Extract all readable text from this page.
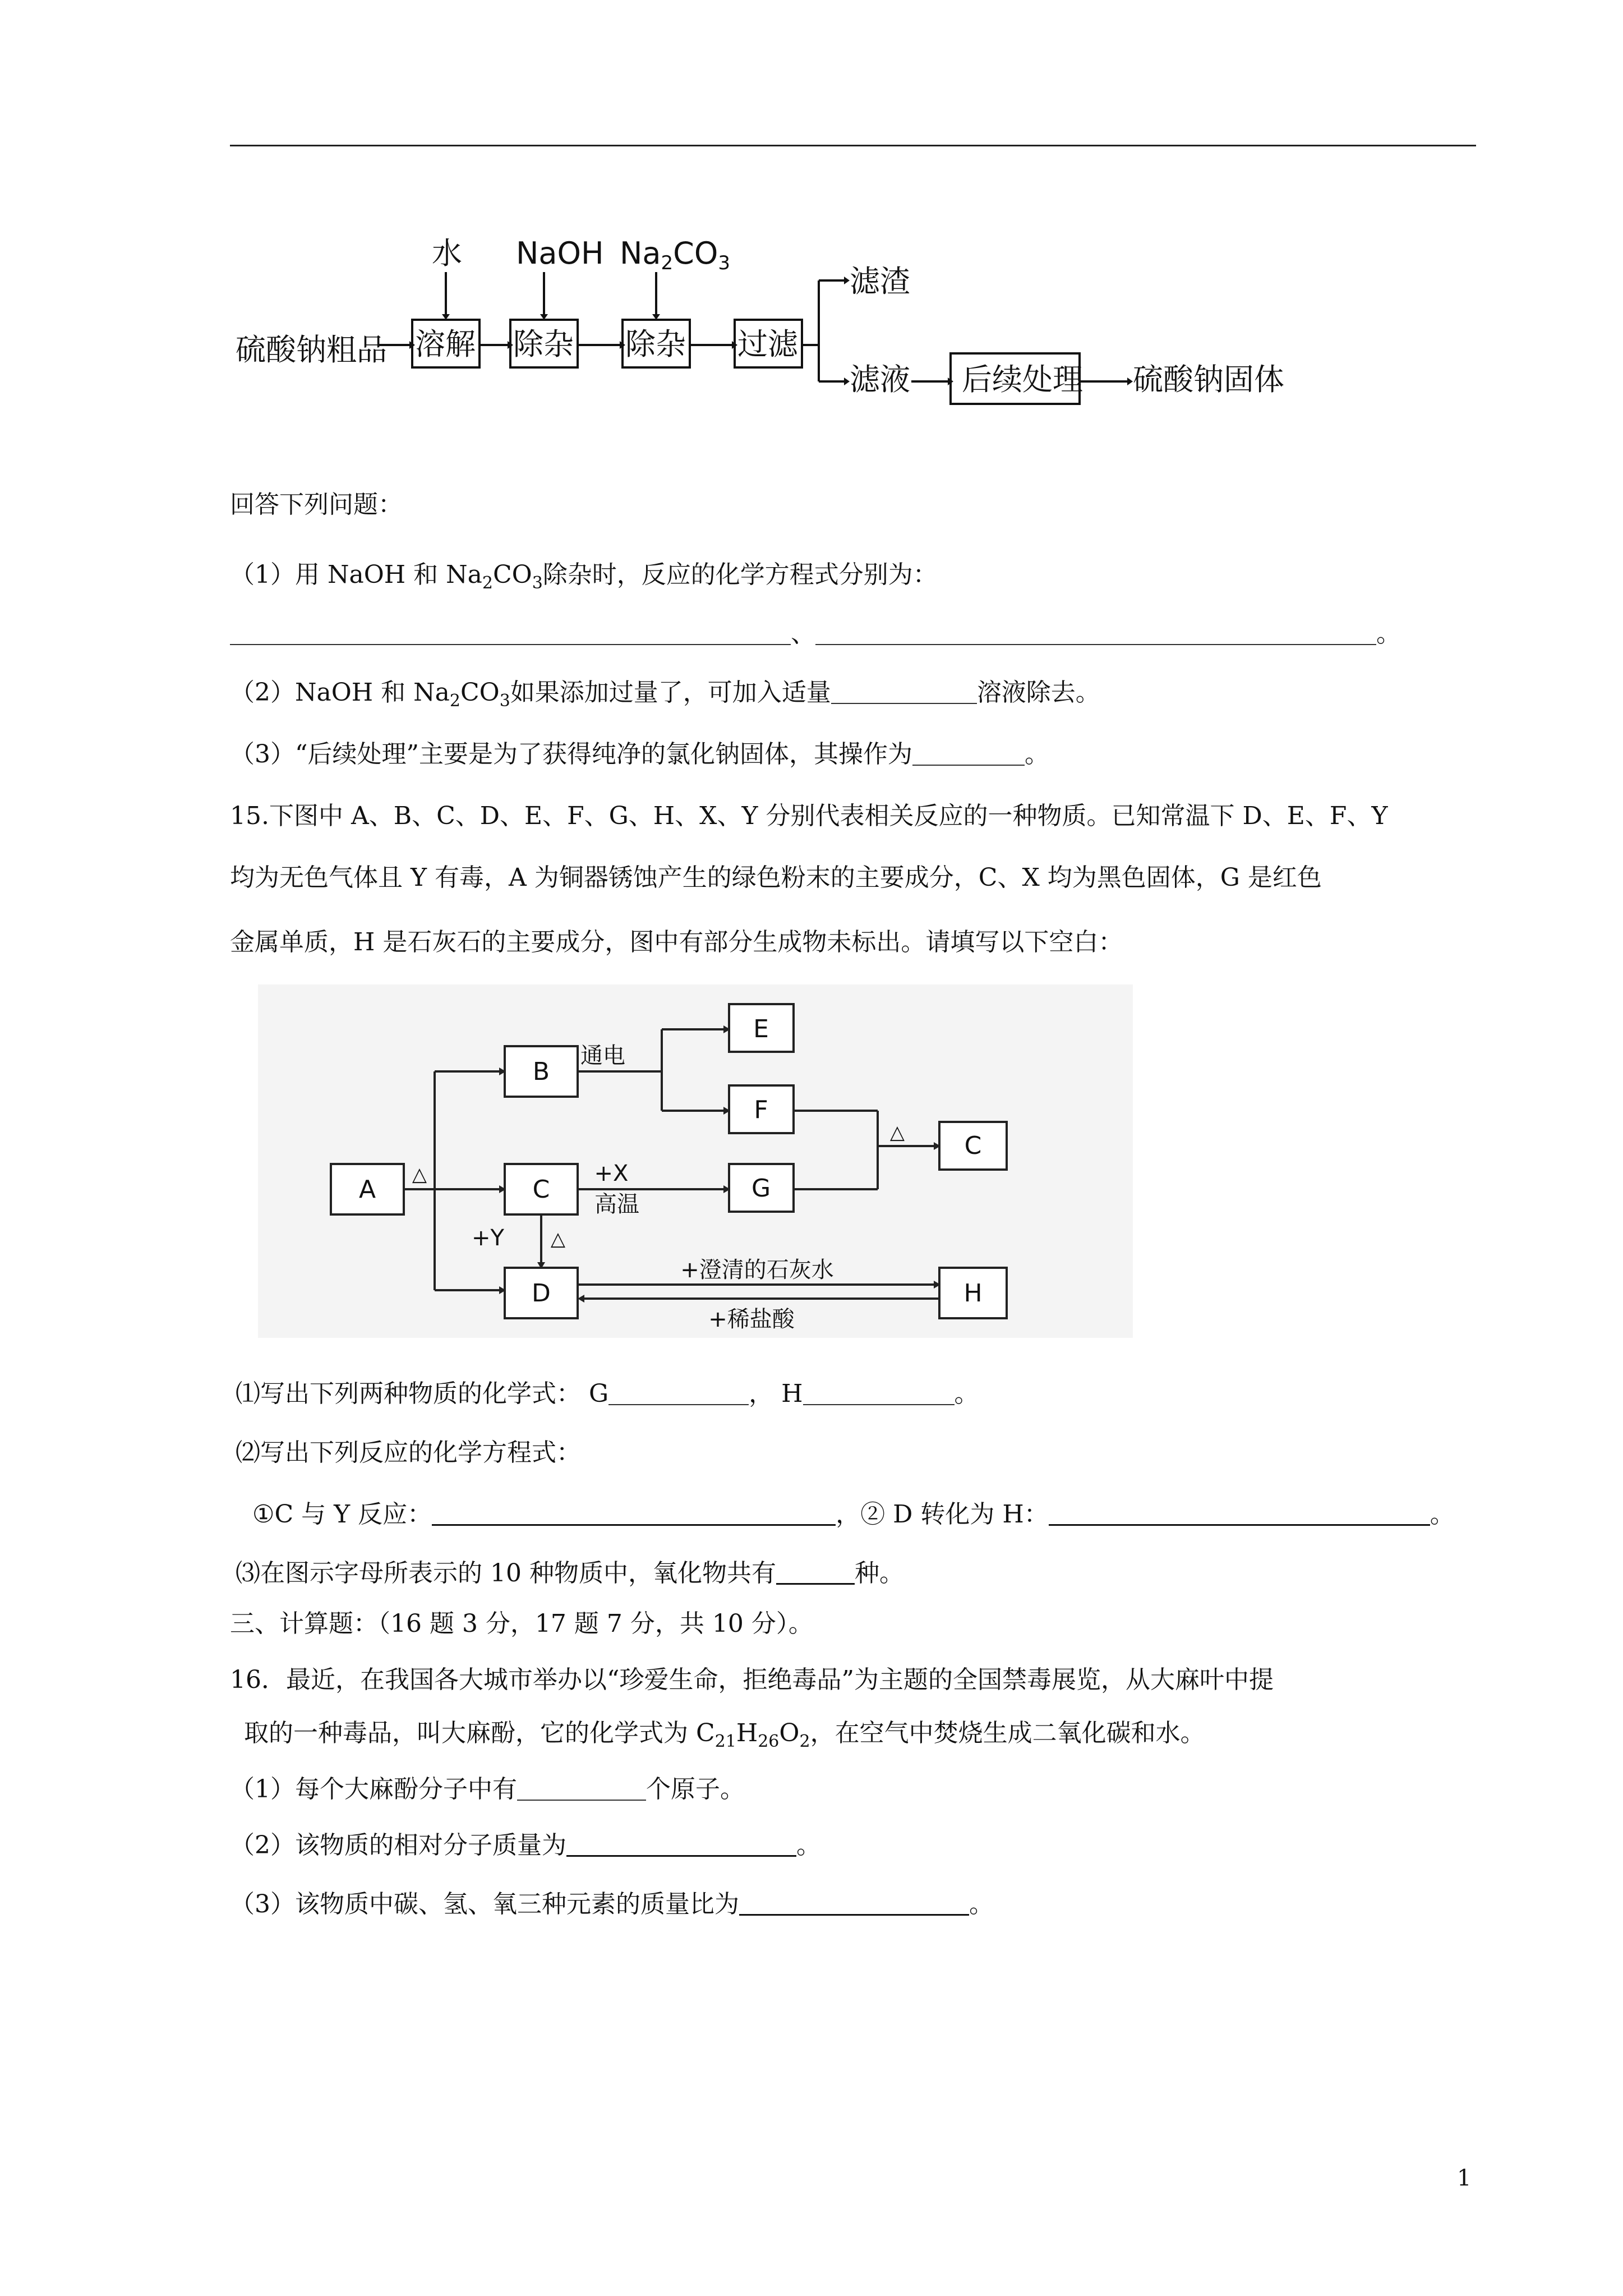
硫酸钠粗品
水 NaOH Na2CO3
溶解 除杂 除杂 过滤
滤渣
滤液 后续处理 硫酸钠固体
回答下列问题：
（1）用 NaOH 和 $Na_2CO_3$除杂时，反应的化学方程式分别为：
、	。
（2）NaOH 和 $Na_2CO_3$如果添加过量了，可加入适量	溶液除去。
（3）“后续处理”主要是为了获得纯净的氯化钠固体，其操作为	。
15.下图中 A、B、C、D、E、F、G、H、X、Y 分别代表相关反应的一种物质。已知常温下 D、E、F、Y
均为无色气体且 Y 有毒，A 为铜器锈蚀产生的绿色粉末的主要成分，C、X 均为黑色固体，G 是红色
金属单质，H 是石灰石的主要成分，图中有部分生成物未标出。请填写以下空白：
A
B
C
D
E
F
G
C
H
通电
△	+X
高温
+Y △
△
+澄清的石灰水
+稀盐酸
⑴写出下列两种物质的化学式： G	， H	。
⑵写出下列反应的化学方程式：
①C 与 Y 反应：	，② D 转化为 H：	。
⑶在图示字母所表示的 10 种物质中，氧化物共有	种。
三、计算题：（16 题 3 分，17 题 7 分，共 10 分）。
16．最近，在我国各大城市举办以“珍爱生命，拒绝毒品”为主题的全国禁毒展览，从大麻叶中提
取的一种毒品，叫大麻酚，它的化学式为 $C_{21}H_{26}O_2$，在空气中焚烧生成二氧化碳和水。
（1）每个大麻酚分子中有	个原子。
（2）该物质的相对分子质量为	。
（3）该物质中碳、氢、氧三种元素的质量比为	。
1
